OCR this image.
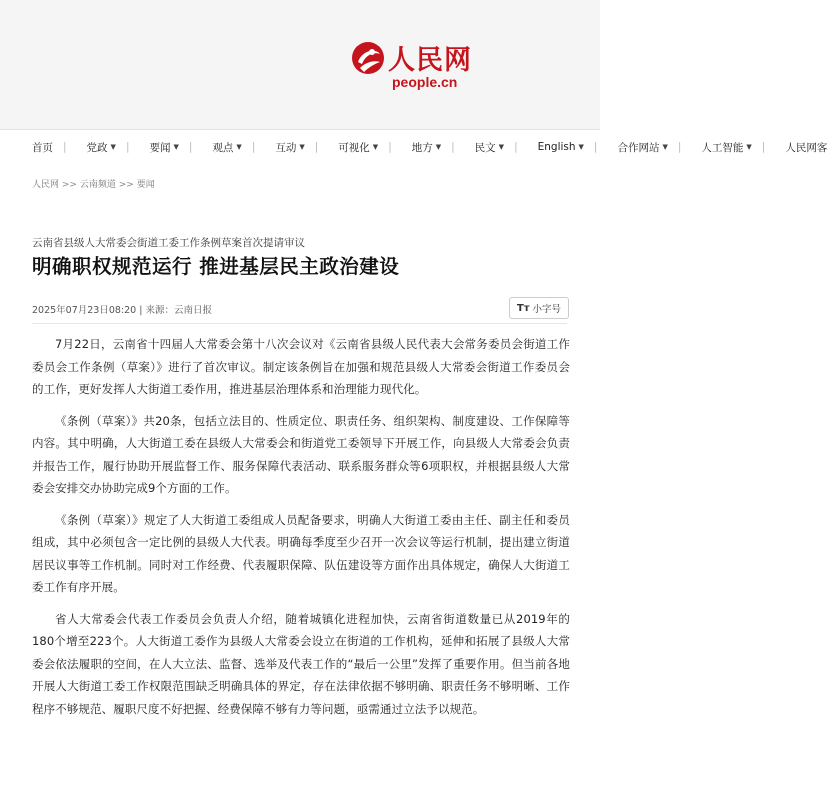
人民网
people.cn
首页 | 党政 ▼ | 要闻 ▼ | 观点 ▼ | 互动 ▼ | 可视化 ▼ | 地方 ▼ | 民文 ▼ | English ▼ | 合作网站 ▼ | 人工智能 ▼ | 人民网客
人民网 >> 云南频道 >> 要闻
云南省县级人大常委会街道工委工作条例草案首次提请审议
明确职权规范运行 推进基层民主政治建设
2025年07月23日08:20 | 来源：云南日报	Tт 小字号

7月22日，云南省十四届人大常委会第十八次会议对《云南省县级人民代表大会常务委员会街道工作委员会工作条例（草案）》进行了首次审议。制定该条例旨在加强和规范县级人大常委会街道工作委员会的工作，更好发挥人大街道工委作用，推进基层治理体系和治理能力现代化。

《条例（草案）》共20条，包括立法目的、性质定位、职责任务、组织架构、制度建设、工作保障等内容。其中明确，人大街道工委在县级人大常委会和街道党工委领导下开展工作，向县级人大常委会负责并报告工作，履行协助开展监督工作、服务保障代表活动、联系服务群众等6项职权，并根据县级人大常委会安排交办协助完成9个方面的工作。

《条例（草案）》规定了人大街道工委组成人员配备要求，明确人大街道工委由主任、副主任和委员组成，其中必须包含一定比例的县级人大代表。明确每季度至少召开一次会议等运行机制，提出建立街道居民议事等工作机制。同时对工作经费、代表履职保障、队伍建设等方面作出具体规定，确保人大街道工委工作有序开展。

省人大常委会代表工作委员会负责人介绍，随着城镇化进程加快，云南省街道数量已从2019年的180个增至223个。人大街道工委作为县级人大常委会设立在街道的工作机构，延伸和拓展了县级人大常委会依法履职的空间，在人大立法、监督、选举及代表工作的“最后一公里”发挥了重要作用。但当前各地开展人大街道工委工作权限范围缺乏明确具体的界定，存在法律依据不够明确、职责任务不够明晰、工作程序不够规范、履职尺度不好把握、经费保障不够有力等问题，亟需通过立法予以规范。
